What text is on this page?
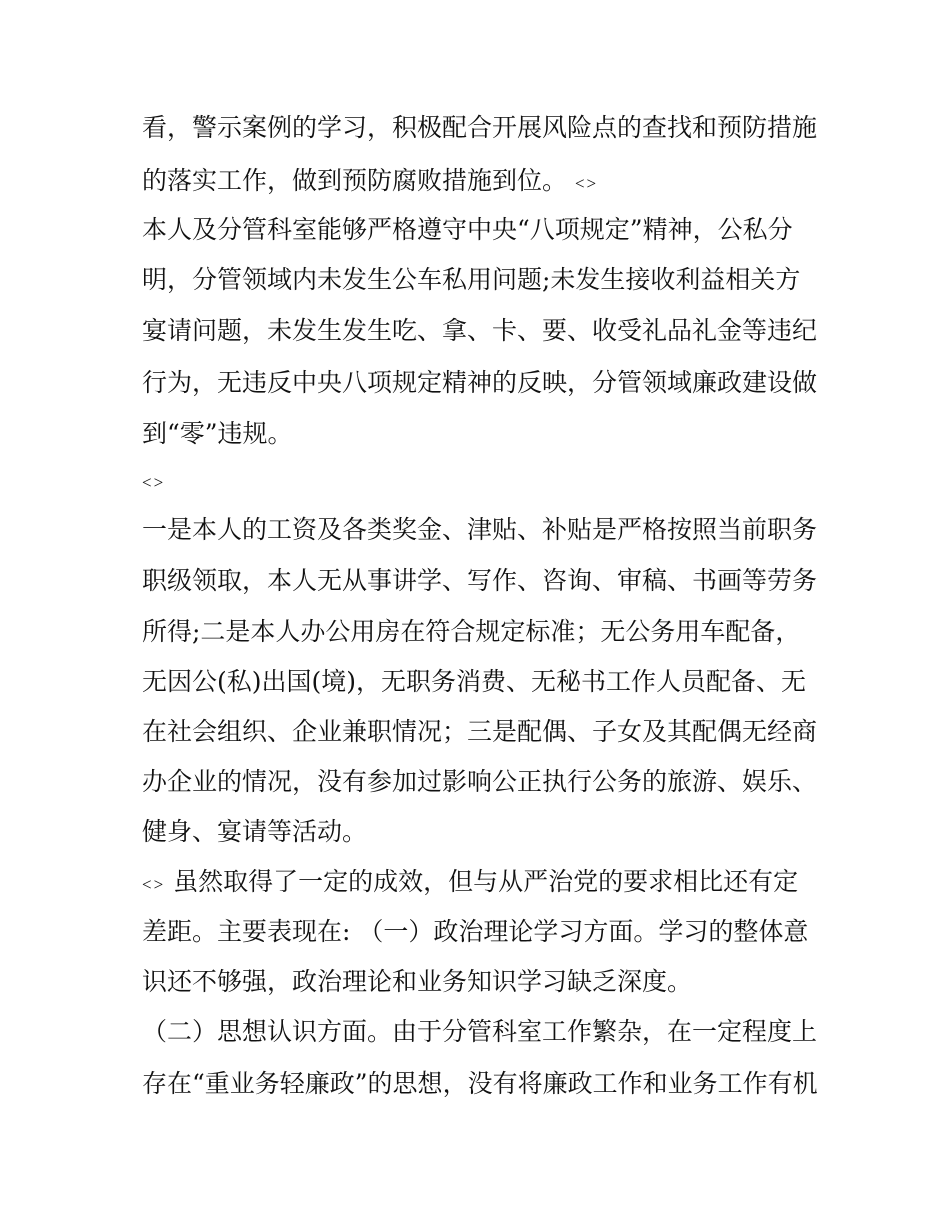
看，警示案例的学习，积极配合开展风险点的查找和预防措施
的落实工作，做到预防腐败措施到位。 <>
本人及分管科室能够严格遵守中央“八项规定”精神，公私分
明，分管领域内未发生公车私用问题;未发生接收利益相关方
宴请问题，未发生发生吃、拿、卡、要、收受礼品礼金等违纪
行为，无违反中央八项规定精神的反映，分管领域廉政建设做
到“零”违规。
<>
一是本人的工资及各类奖金、津贴、补贴是严格按照当前职务
职级领取，本人无从事讲学、写作、咨询、审稿、书画等劳务
所得;二是本人办公用房在符合规定标准；无公务用车配备，
无因公(私)出国(境)，无职务消费、无秘书工作人员配备、无
在社会组织、企业兼职情况；三是配偶、子女及其配偶无经商
办企业的情况，没有参加过影响公正执行公务的旅游、娱乐、
健身、宴请等活动。
<> 虽然取得了一定的成效，但与从严治党的要求相比还有定
差距。主要表现在: （一）政治理论学习方面。学习的整体意
识还不够强，政治理论和业务知识学习缺乏深度。
（二）思想认识方面。由于分管科室工作繁杂，在一定程度上
存在“重业务轻廉政”的思想，没有将廉政工作和业务工作有机
